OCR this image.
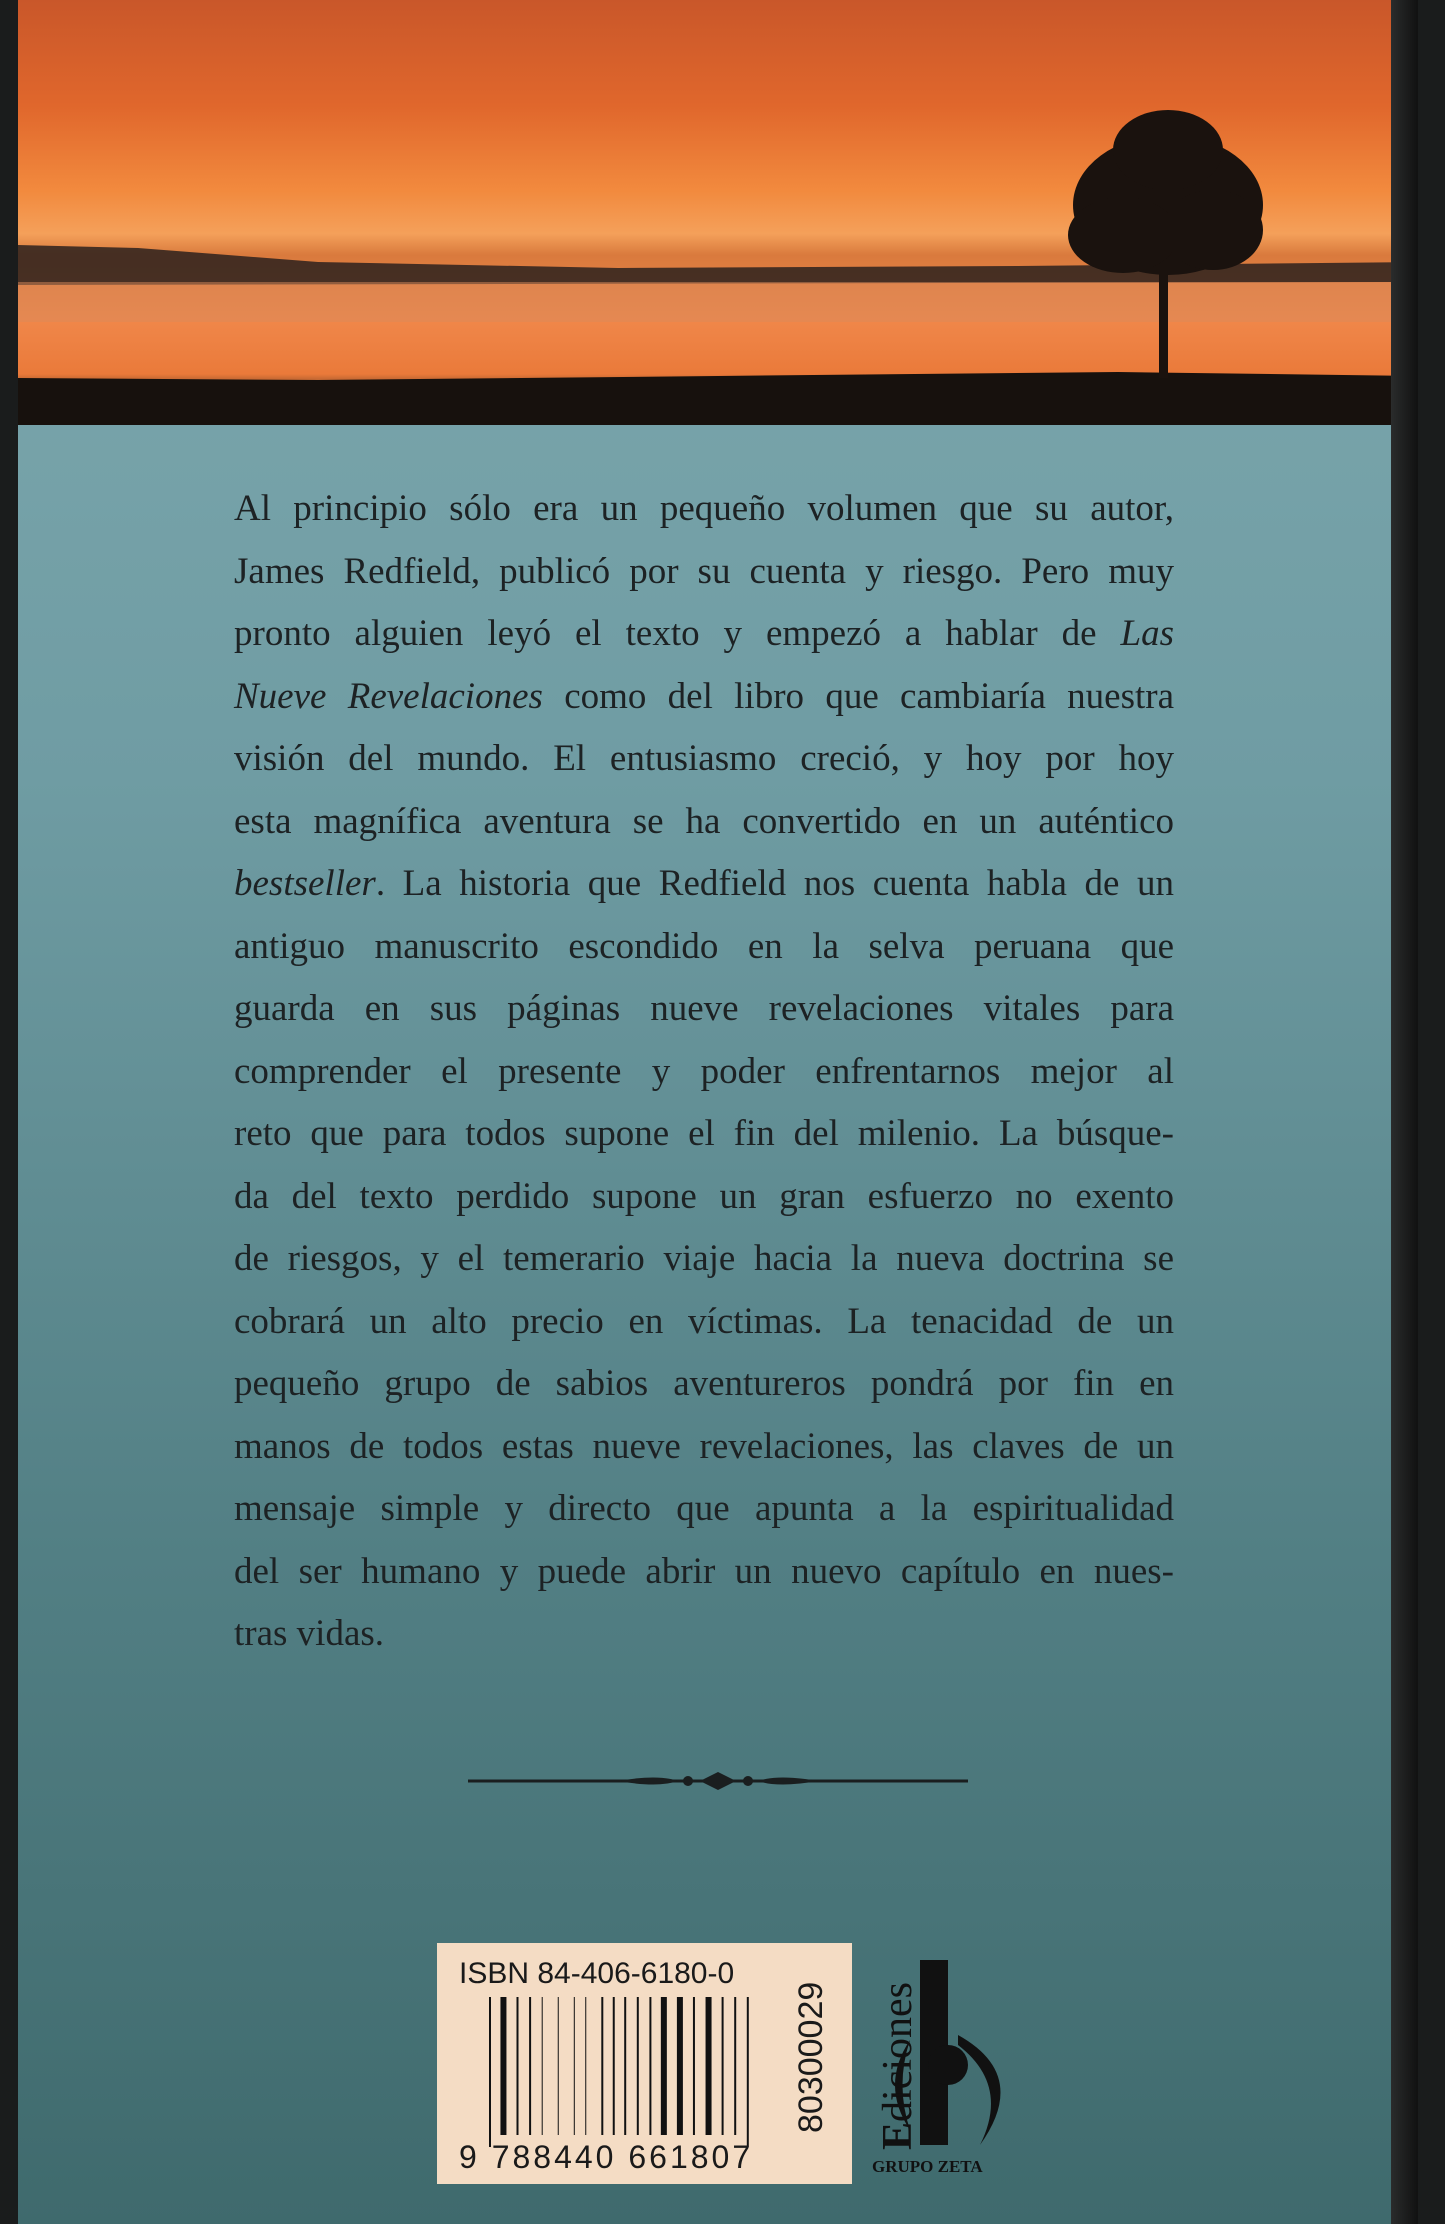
Al principio sólo era un pequeño volumen que su autor,
James Redfield, publicó por su cuenta y riesgo. Pero muy
pronto alguien leyó el texto y empezó a hablar de Las
Nueve Revelaciones como del libro que cambiaría nuestra
visión del mundo. El entusiasmo creció, y hoy por hoy
esta magnífica aventura se ha convertido en un auténtico
bestseller. La historia que Redfield nos cuenta habla de un
antiguo manuscrito escondido en la selva peruana que
guarda en sus páginas nueve revelaciones vitales para
comprender el presente y poder enfrentarnos mejor al
reto que para todos supone el fin del milenio. La búsque-
da del texto perdido supone un gran esfuerzo no exento
de riesgos, y el temerario viaje hacia la nueva doctrina se
cobrará un alto precio en víctimas. La tenacidad de un
pequeño grupo de sabios aventureros pondrá por fin en
manos de todos estas nueve revelaciones, las claves de un
mensaje simple y directo que apunta a la espiritualidad
del ser humano y puede abrir un nuevo capítulo en nues-
tras vidas.
ISBN 84-406-6180-0
9 788440 661807
80300029
Ediciones
GRUPO ZETA
